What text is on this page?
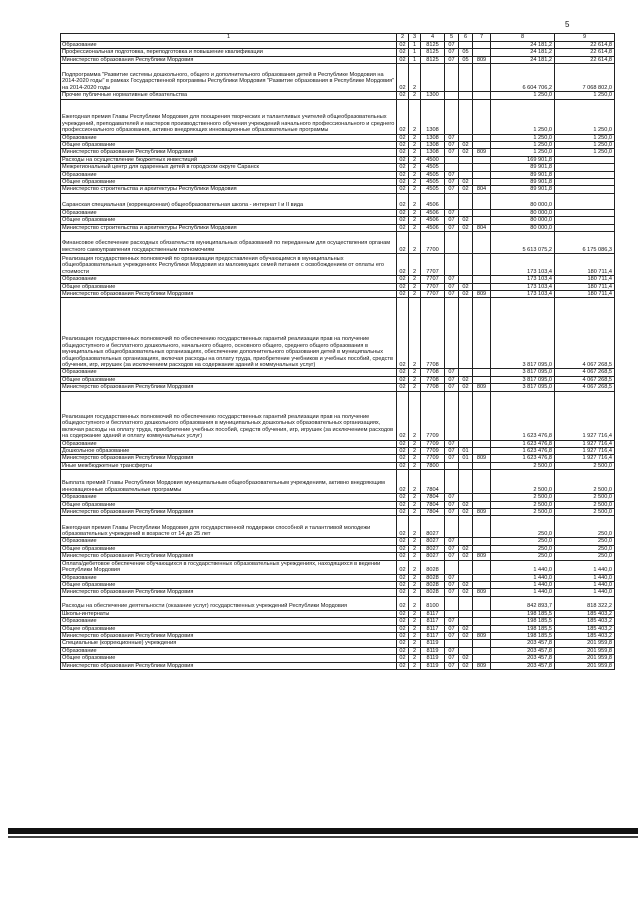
5
1	2	3	4	5	6	7	8	9
Образование	02	1	8125	07			24 181,2	22 614,8
Профессиональная подготовка, переподготовка и повышение квалификации	02	1	8125	07	05		24 181,2	22 614,8
Министерство образования Республики Мордовия	02	1	8125	07	05	809	24 181,2	22 614,8
Подпрограмма "Развитие системы дошкольного, общего и дополнительного образования детей в Республике Мордовия на 2014-2020 годы" в рамках Государственной программы Республики Мордовия "Развитие образования в Республике Мордовия" на 2014-2020 годы	02	2					6 604 706,2	7 068 802,0
Прочие публичные нормативные обязательства	02	2	1300				1 250,0	1 250,0
Ежегодная премия Главы Республики Мордовия для поощрения творческих и талантливых учителей общеобразовательных учреждений, преподавателей и мастеров производственного обучения учреждений начального профессионального и среднего профессионального образования, активно внедряющих инновационные образовательные программы	02	2	1308				1 250,0	1 250,0
Образование	02	2	1308	07			1 250,0	1 250,0
Общее образование	02	2	1308	07	02		1 250,0	1 250,0
Министерство образования Республики Мордовия	02	2	1308	07	02	809	1 250,0	1 250,0
Расходы на осуществление бюджетных инвестиций	02	2	4500				169 901,8	
Межрегиональный центр для одаренных детей в городском округе Саранск	02	2	4505				89 901,8	
Образование	02	2	4505	07			89 901,8	
Общее образование	02	2	4505	07	02		89 901,8	
Министерство строительства и архитектуры Республики Мордовия	02	2	4505	07	02	804	89 901,8	
Саранская специальная (коррекционная) общеобразовательная школа - интернат I и II вида	02	2	4506				80 000,0	
Образование	02	2	4506	07			80 000,0	
Общее образование	02	2	4506	07	02		80 000,0	
Министерство строительства и архитектуры Республики Мордовия	02	2	4506	07	02	804	80 000,0	
Финансовое обеспечение расходных обязательств муниципальных образований по переданным для осуществления органам местного самоуправления государственным полномочиям	02	2	7700				5 613 075,2	6 175 086,3
Реализация государственных полномочий по организации предоставления обучающимся в муниципальных общеобразовательных учреждениях Республики Мордовия из малоимущих семей питания с освобождением от оплаты его стоимости	02	2	7707				173 103,4	180 711,4
Образование	02	2	7707	07			173 103,4	180 711,4
Общее образование	02	2	7707	07	02		173 103,4	180 711,4
Министерство образования Республики Мордовия	02	2	7707	07	02	809	173 103,4	180 711,4
Реализация государственных полномочий по обеспечению государственных гарантий реализации прав на получение общедоступного и бесплатного дошкольного, начального общего, основного общего, среднего общего образования в муниципальных общеобразовательных организациях, обеспечение дополнительного образования детей в муниципальных общеобразовательных организациях, включая расходы на оплату труда, приобретение учебников и учебных пособий, средств обучения, игр, игрушек (за исключением расходов на содержание зданий и коммунальных услуг)	02	2	7708				3 817 095,0	4 067 268,5
Образование	02	2	7708	07			3 817 095,0	4 067 268,5
Общее образование	02	2	7708	07	02		3 817 095,0	4 067 268,5
Министерство образования Республики Мордовия	02	2	7708	07	02	809	3 817 095,0	4 067 268,5
Реализация государственных полномочий по обеспечению государственных гарантий реализации прав на получение общедоступного и бесплатного дошкольного образования в муниципальных дошкольных образовательных организациях, включая расходы на оплату труда, приобретение учебных пособий, средств обучения, игр, игрушек (за исключением расходов на содержание зданий и оплату коммунальных услуг)	02	2	7709				1 623 476,8	1 927 716,4
Образование	02	2	7709	07			1 623 476,8	1 927 716,4
Дошкольное образование	02	2	7709	07	01		1 623 476,8	1 927 716,4
Министерство образования Республики Мордовия	02	2	7709	07	01	809	1 623 476,8	1 927 716,4
Иные межбюджетные трансферты	02	2	7800				2 500,0	2 500,0
Выплата премий Главы Республики Мордовия муниципальным общеобразовательным учреждениям, активно внедряющим инновационные образовательные программы	02	2	7804				2 500,0	2 500,0
Образование	02	2	7804	07			2 500,0	2 500,0
Общее образование	02	2	7804	07	02		2 500,0	2 500,0
Министерство образования Республики Мордовия	02	2	7804	07	02	809	2 500,0	2 500,0
Ежегодная премия Главы Республики Мордовия для государственной поддержки способной и талантливой молодежи образовательных учреждений в возрасте от 14 до 25 лет	02	2	8027				250,0	250,0
Образование	02	2	8027	07			250,0	250,0
Общее образование	02	2	8027	07	02		250,0	250,0
Министерство образования Республики Мордовия	02	2	8027	07	02	809	250,0	250,0
Оплата/дебетовое обеспечение обучающихся в государственных образовательных учреждениях, находящихся в ведении Республики Мордовия	02	2	8028				1 440,0	1 440,0
Образование	02	2	8028	07			1 440,0	1 440,0
Общее образование	02	2	8028	07	02		1 440,0	1 440,0
Министерство образования Республики Мордовия	02	2	8028	07	02	809	1 440,0	1 440,0
Расходы на обеспечение деятельности (оказание услуг) государственных учреждений Республики Мордовия	02	2	8100				842 893,7	818 322,2
Школы-интернаты	02	2	8117				198 185,5	185 403,2
Образование	02	2	8117	07			198 185,5	185 403,2
Общее образование	02	2	8117	07	02		198 185,5	185 403,2
Министерство образования Республики Мордовия	02	2	8117	07	02	809	198 185,5	185 403,2
Специальные (коррекционные) учреждения	02	2	8119				203 457,8	201 959,8
Образование	02	2	8119	07			203 457,8	201 959,8
Общее образование	02	2	8119	07	02		203 457,8	201 959,8
Министерство образования Республики Мордовия	02	2	8119	07	02	809	203 457,8	201 959,8
